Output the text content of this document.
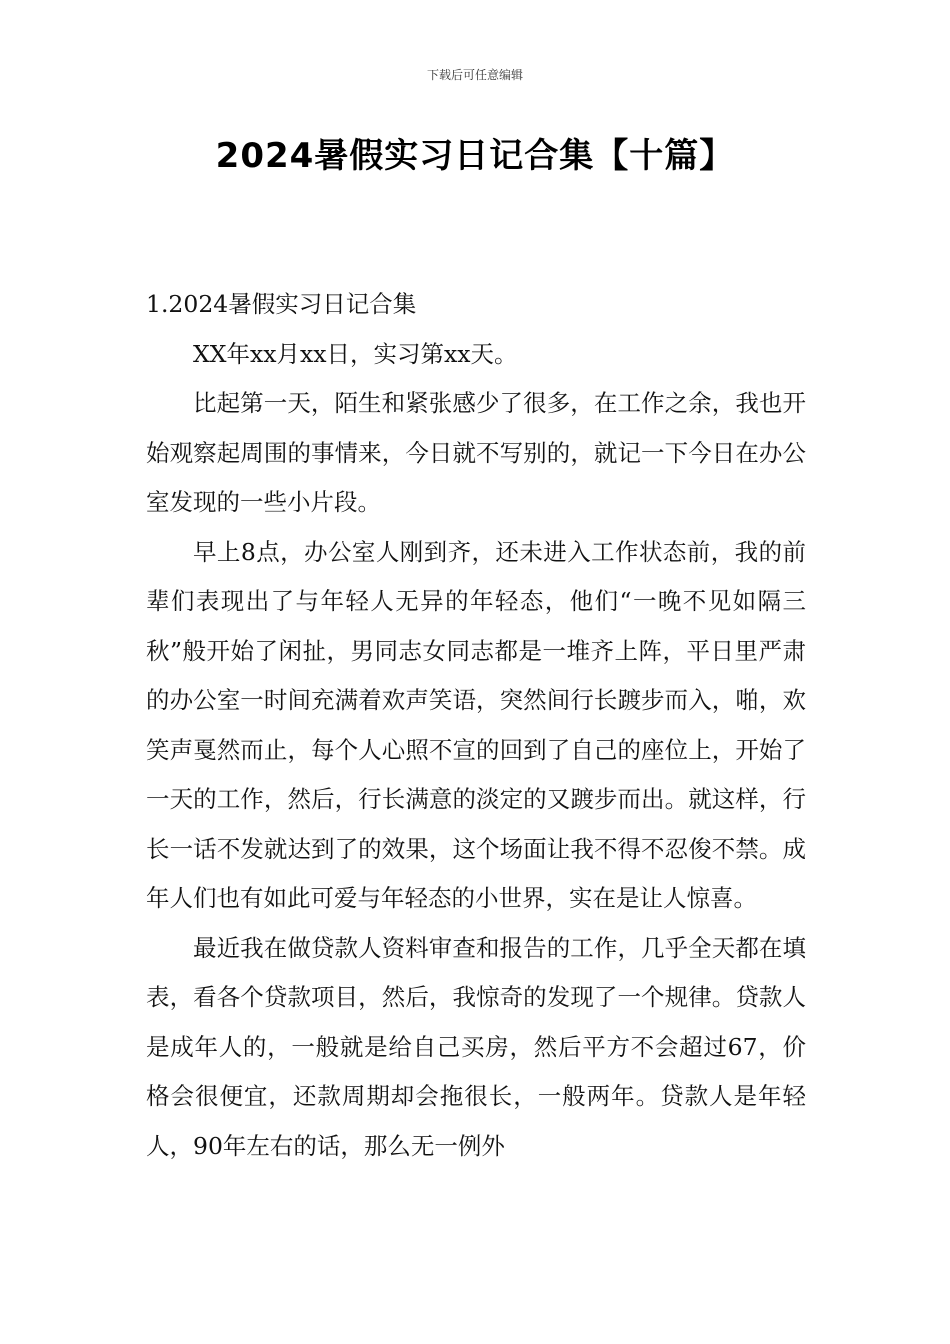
下载后可任意编辑
2024暑假实习日记合集【十篇】

1.2024暑假实习日记合集

XX年xx月xx日，实习第xx天。

比起第一天，陌生和紧张感少了很多，在工作之余，我也开始观察起周围的事情来，今日就不写别的，就记一下今日在办公室发现的一些小片段。

早上8点，办公室人刚到齐，还未进入工作状态前，我的前辈们表现出了与年轻人无异的年轻态，他们“一晚不见如隔三秋”般开始了闲扯，男同志女同志都是一堆齐上阵，平日里严肃的办公室一时间充满着欢声笑语，突然间行长踱步而入，啪，欢笑声戛然而止，每个人心照不宣的回到了自己的座位上，开始了一天的工作，然后，行长满意的淡定的又踱步而出。就这样，行长一话不发就达到了的效果，这个场面让我不得不忍俊不禁。成年人们也有如此可爱与年轻态的小世界，实在是让人惊喜。

最近我在做贷款人资料审查和报告的工作，几乎全天都在填表，看各个贷款项目，然后，我惊奇的发现了一个规律。贷款人是成年人的，一般就是给自己买房，然后平方不会超过67，价格会很便宜，还款周期却会拖很长，一般两年。贷款人是年轻人，90年左右的话，那么无一例外
